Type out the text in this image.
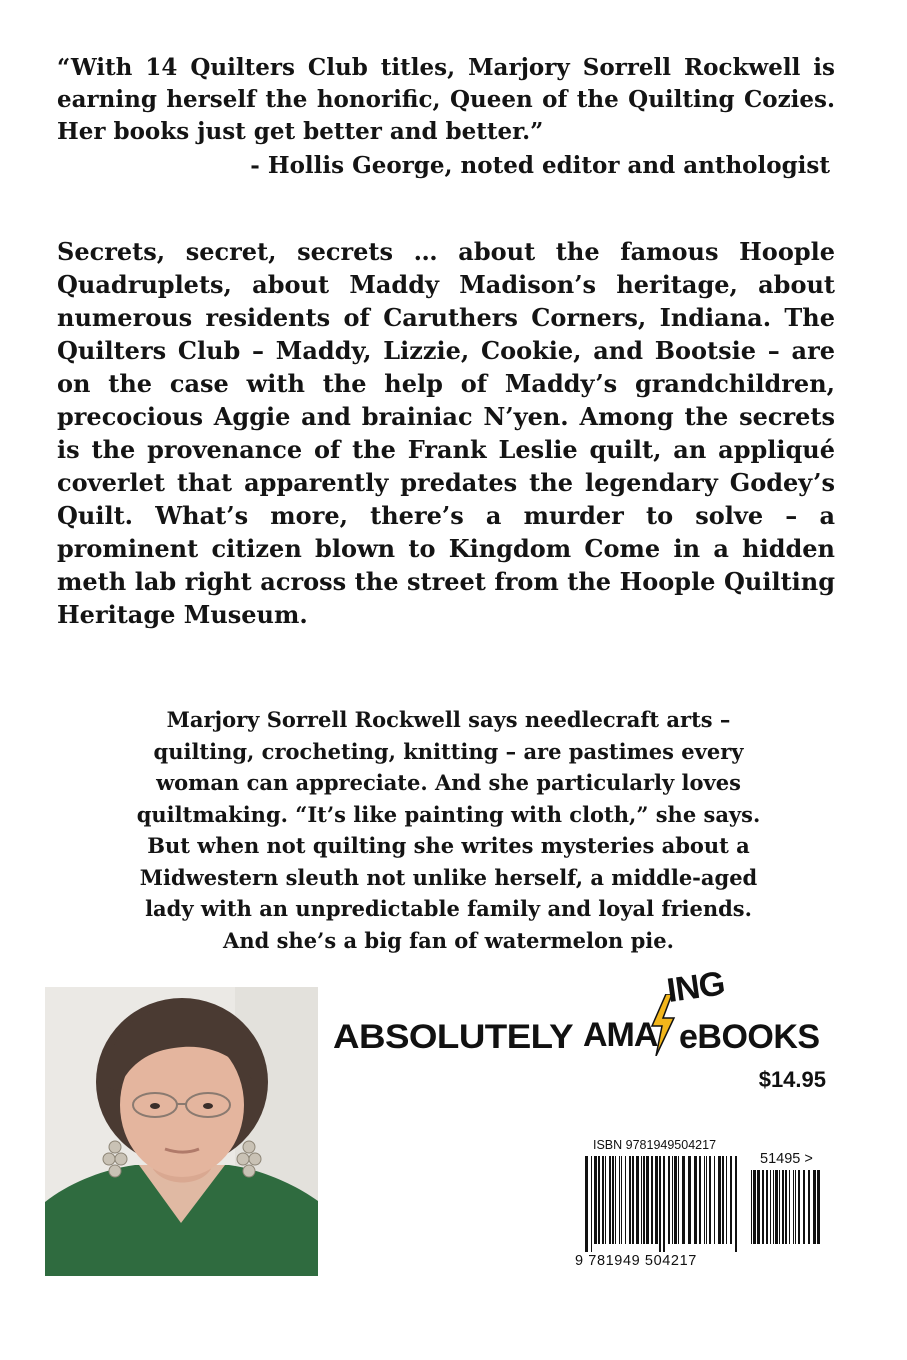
“With 14 Quilters Club titles, Marjory Sorrell Rockwell is earning herself the honorific, Queen of the Quilting Cozies. Her books just get better and better.”

- Hollis George, noted editor and anthologist

Secrets, secret, secrets … about the famous Hoople Quadruplets, about Maddy Madison’s heritage, about numerous residents of Caruthers Corners, Indiana. The Quilters Club – Maddy, Lizzie, Cookie, and Bootsie – are on the case with the help of Maddy’s grandchildren, precocious Aggie and brainiac N’yen. Among the secrets is the provenance of the Frank Leslie quilt, an appliqué coverlet that apparently predates the legendary Godey’s Quilt. What’s more, there’s a murder to solve – a prominent citizen blown to Kingdom Come in a hidden meth lab right across the street from the Hoople Quilting Heritage Museum.

Marjory Sorrell Rockwell says needlecraft arts –
quilting, crocheting, knitting – are pastimes every
woman can appreciate. And she particularly loves
quiltmaking. “It’s like painting with cloth,” she says.
But when not quilting she writes mysteries about a
Midwestern sleuth not unlike herself, a middle-aged
lady with an unpredictable family and loyal friends.
And she’s a big fan of watermelon pie.
ABSOLUTELY AMA
ING
eBOOKS
$14.95
ISBN 9781949504217
51495 >
9 781949 504217
